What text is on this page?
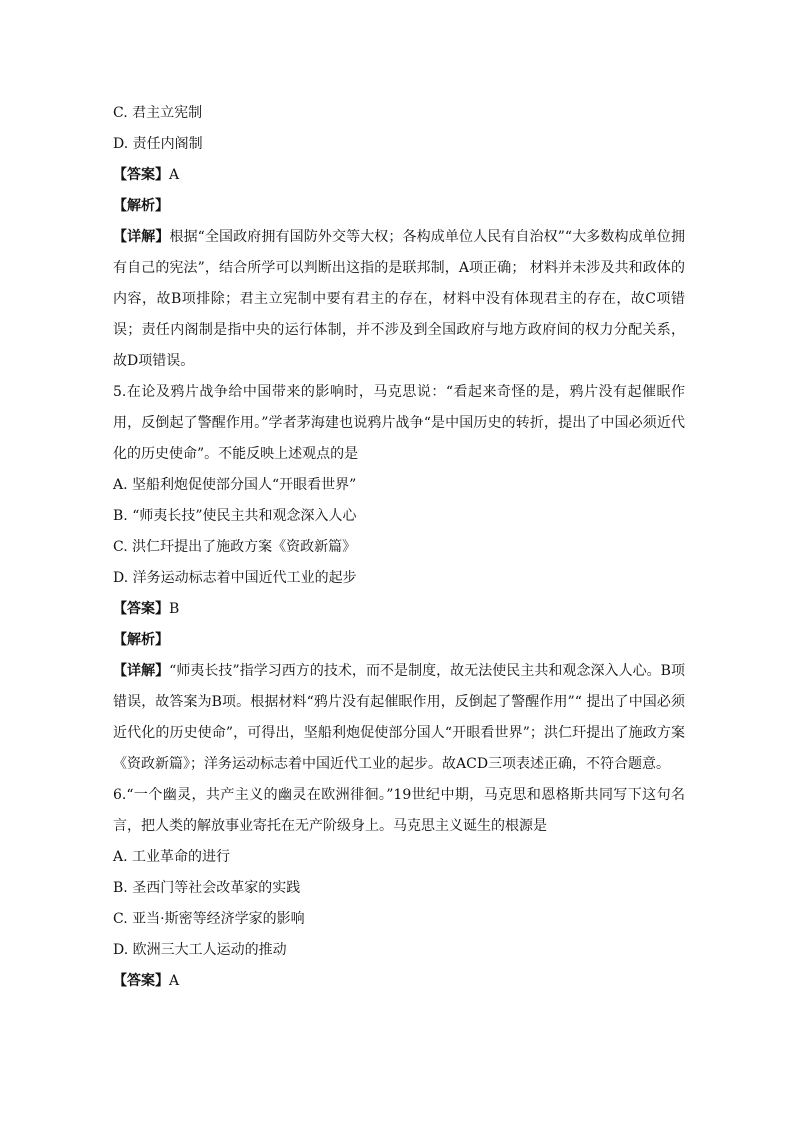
C. 君主立宪制

D. 责任内阁制

【答案】A

【解析】

【详解】根据“全国政府拥有国防外交等大权；各构成单位人民有自治权”“大多数构成单位拥有自己的宪法”，结合所学可以判断出这指的是联邦制，A项正确； 材料并未涉及共和政体的内容，故B项排除；君主立宪制中要有君主的存在，材料中没有体现君主的存在，故C项错误；责任内阁制是指中央的运行体制，并不涉及到全国政府与地方政府间的权力分配关系，故D项错误。

5.在论及鸦片战争给中国带来的影响时，马克思说：“看起来奇怪的是，鸦片没有起催眠作用，反倒起了警醒作用。”学者茅海建也说鸦片战争“是中国历史的转折，提出了中国必须近代化的历史使命”。不能反映上述观点的是

A. 坚船利炮促使部分国人“开眼看世界”

B. “师夷长技”使民主共和观念深入人心

C. 洪仁玕提出了施政方案《资政新篇》

D. 洋务运动标志着中国近代工业的起步

【答案】B

【解析】

【详解】“师夷长技”指学习西方的技术，而不是制度，故无法使民主共和观念深入人心。B项错误，故答案为B项。根据材料“鸦片没有起催眠作用，反倒起了警醒作用”“ 提出了中国必须近代化的历史使命”，可得出，坚船利炮促使部分国人“开眼看世界”；洪仁玕提出了施政方案《资政新篇》；洋务运动标志着中国近代工业的起步。故ACD三项表述正确，不符合题意。

6.“一个幽灵，共产主义的幽灵在欧洲徘徊。”19世纪中期，马克思和恩格斯共同写下这句名言，把人类的解放事业寄托在无产阶级身上。马克思主义诞生的根源是

A. 工业革命的进行

B. 圣西门等社会改革家的实践

C. 亚当·斯密等经济学家的影响

D. 欧洲三大工人运动的推动

【答案】A
